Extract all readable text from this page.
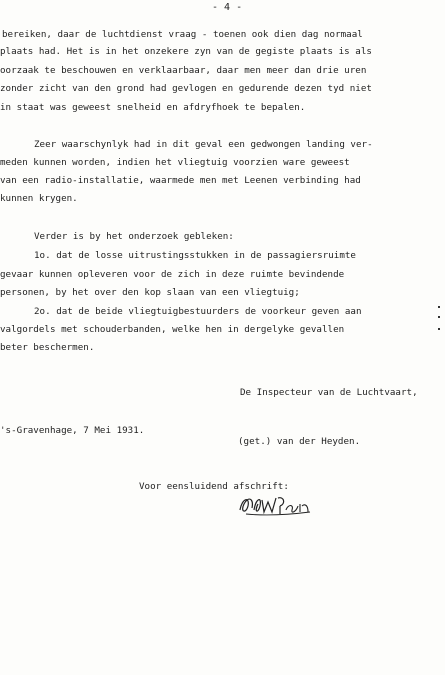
- 4 -
bereiken, daar de luchtdienst vraag - toenen ook dien dag normaal
plaats had. Het is in het onzekere zyn van de gegiste plaats is als
oorzaak te beschouwen en verklaarbaar, daar men meer dan drie uren
zonder zicht van den grond had gevlogen en gedurende dezen tyd niet
in staat was geweest snelheid en afdryfhoek te bepalen.
Zeer waarschynlyk had in dit geval een gedwongen landing ver-
meden kunnen worden, indien het vliegtuig voorzien ware geweest
van een radio-installatie, waarmede men met Leenen verbinding had
kunnen krygen.
Verder is by het onderzoek gebleken:
1o. dat de losse uitrustingsstukken in de passagiersruimte
gevaar kunnen opleveren voor de zich in deze ruimte bevindende
personen, by het over den kop slaan van een vliegtuig;
2o. dat de beide vliegtuigbestuurders de voorkeur geven aan
valgordels met schouderbanden, welke hen in dergelyke gevallen
beter beschermen.
De Inspecteur van de Luchtvaart,
's-Gravenhage, 7 Mei 1931.
(get.) van der Heyden.
Voor eensluidend afschrift:
